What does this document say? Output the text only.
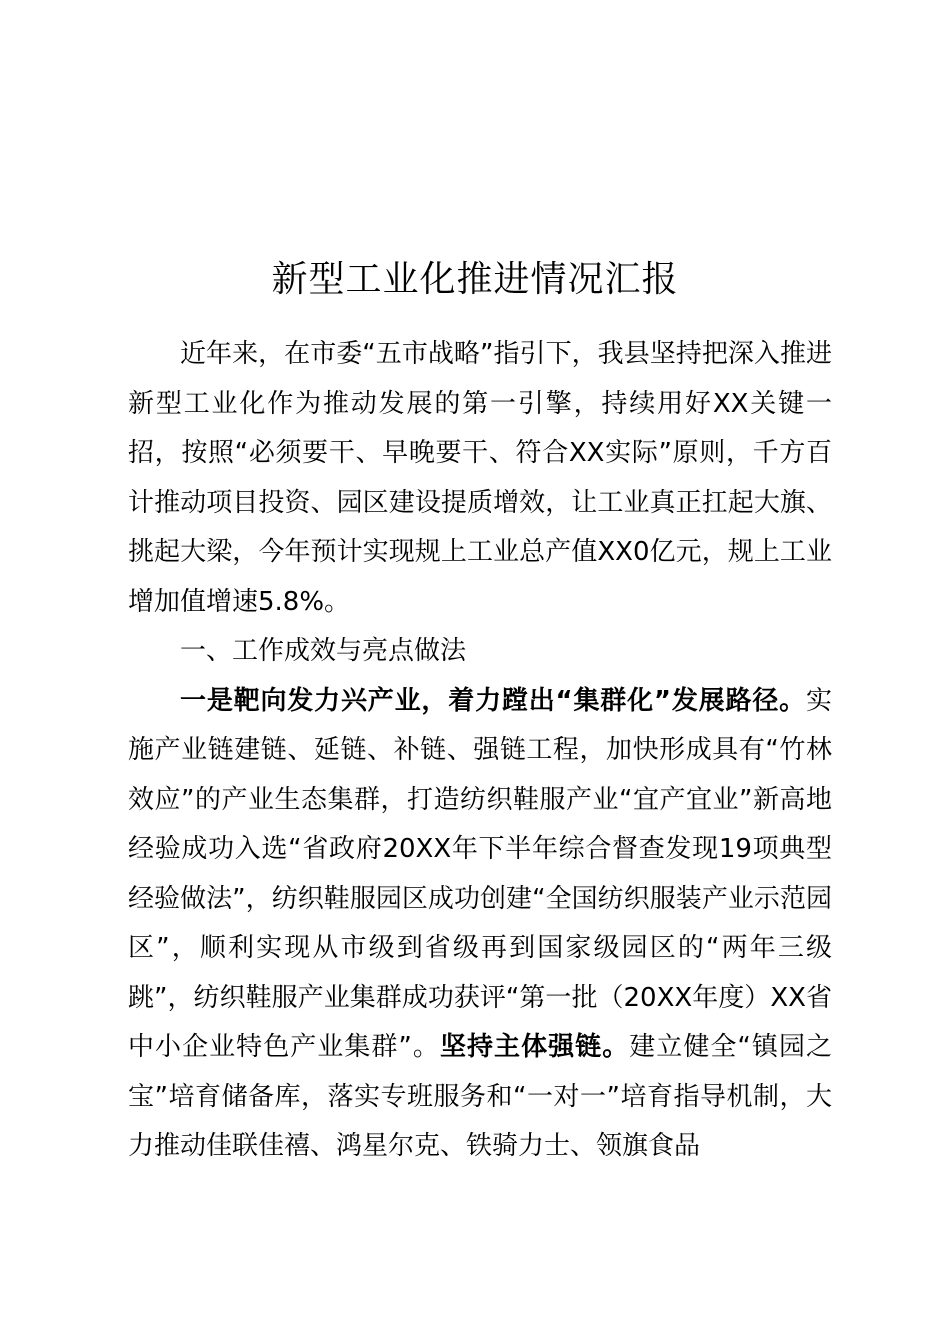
新型工业化推进情况汇报

近年来，在市委“五市战略”指引下，我县坚持把深入推进新型工业化作为推动发展的第一引擎，持续用好XX关键一招，按照“必须要干、早晚要干、符合XX实际”原则，千方百计推动项目投资、园区建设提质增效，让工业真正扛起大旗、挑起大梁，今年预计实现规上工业总产值XX0亿元，规上工业增加值增速5.8%。

一、工作成效与亮点做法

一是靶向发力兴产业，着力蹚出“集群化”发展路径。实施产业链建链、延链、补链、强链工程，加快形成具有“竹林效应”的产业生态集群，打造纺织鞋服产业“宜产宜业”新高地经验成功入选“省政府20XX年下半年综合督查发现19项典型经验做法”，纺织鞋服园区成功创建“全国纺织服装产业示范园区”，顺利实现从市级到省级再到国家级园区的“两年三级跳”，纺织鞋服产业集群成功获评“第一批（20XX年度）XX省中小企业特色产业集群”。坚持主体强链。建立健全“镇园之宝”培育储备库，落实专班服务和“一对一”培育指导机制，大力推动佳联佳禧、鸿星尔克、铁骑力士、领旗食品
